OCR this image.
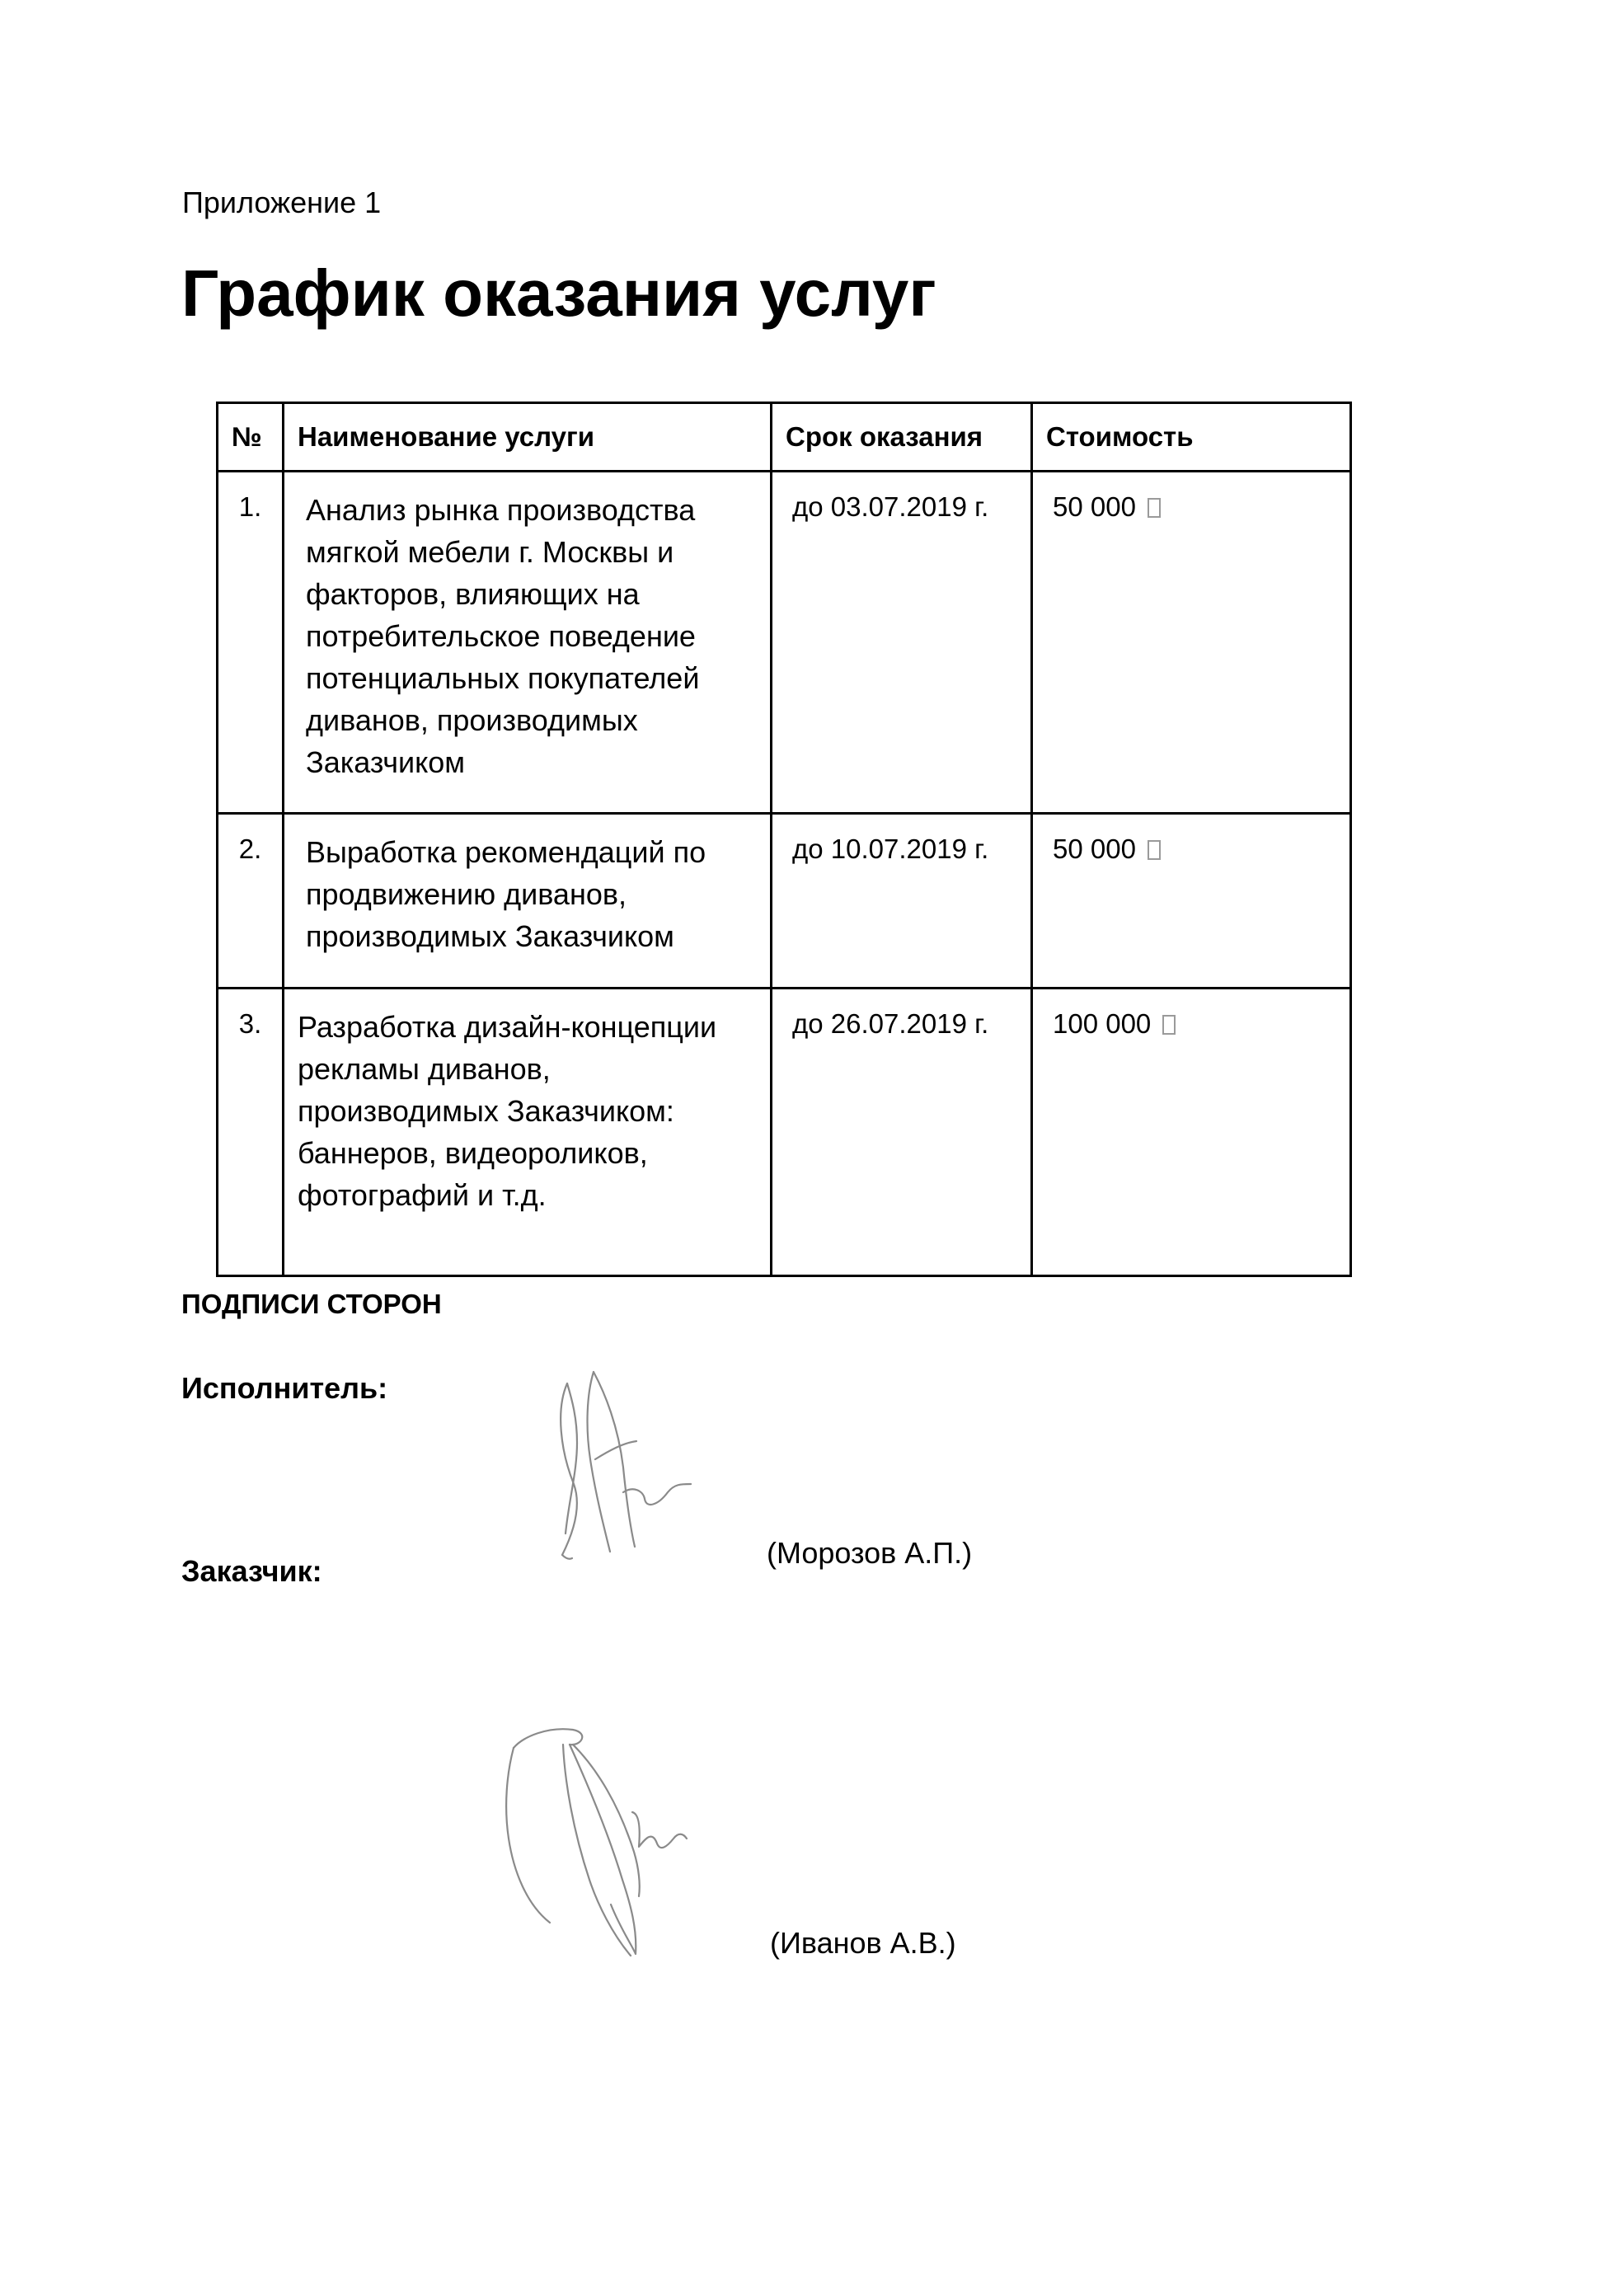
Приложение 1
График оказания услуг
№	Наименование услуги	Срок оказания	Стоимость
1.	Анализ рынка производства мягкой мебели г. Москвы и факторов, влияющих на потребительское поведение потенциальных покупателей диванов, производимых Заказчиком	до 03.07.2019 г.	50 000
2.	Выработка рекомендаций по продвижению диванов, производимых Заказчиком	до 10.07.2019 г.	50 000
3.	Разработка дизайн-концепции рекламы диванов, производимых Заказчиком: баннеров, видеороликов, фотографий и т.д.	до 26.07.2019 г.	100 000
ПОДПИСИ СТОРОН
Исполнитель:
Заказчик:
(Морозов А.П.)
(Иванов А.В.)
